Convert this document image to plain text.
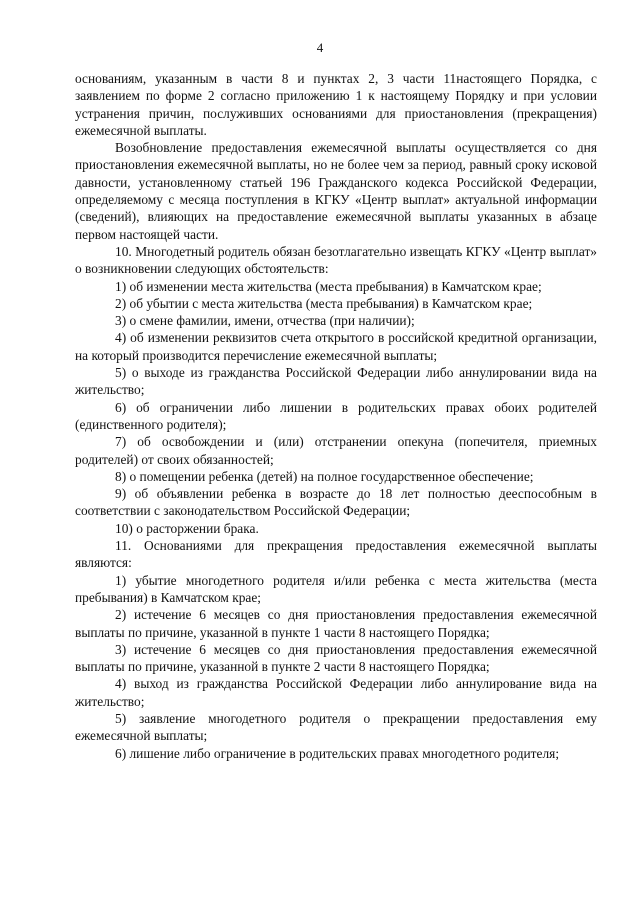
4

основаниям, указанным в части 8 и пунктах 2, 3 части 11настоящего Порядка, с заявлением по форме 2 согласно приложению 1 к настоящему Порядку и при условии устранения причин, послуживших основаниями для приостановления (прекращения) ежемесячной выплаты.

Возобновление предоставления ежемесячной выплаты осуществляется со дня приостановления ежемесячной выплаты, но не более чем за период, равный сроку исковой давности, установленному статьей 196 Гражданского кодекса Российской Федерации, определяемому с месяца поступления в КГКУ «Центр выплат» актуальной информации (сведений), влияющих на предоставление ежемесячной выплаты указанных в абзаце первом настоящей части.

10. Многодетный родитель обязан безотлагательно извещать КГКУ «Центр выплат» о возникновении следующих обстоятельств:

1) об изменении места жительства (места пребывания) в Камчатском крае;

2) об убытии с места жительства (места пребывания) в Камчатском крае;

3) о смене фамилии, имени, отчества (при наличии);

4) об изменении реквизитов счета открытого в российской кредитной организации, на который производится перечисление ежемесячной выплаты;

5) о выходе из гражданства Российской Федерации либо аннулировании вида на жительство;

6) об ограничении либо лишении в родительских правах обоих родителей (единственного родителя);

7) об освобождении и (или) отстранении опекуна (попечителя, приемных родителей) от своих обязанностей;

8) о помещении ребенка (детей) на полное государственное обеспечение;

9) об объявлении ребенка в возрасте до 18 лет полностью дееспособным в соответствии с законодательством Российской Федерации;

10) о расторжении брака.

11. Основаниями для прекращения предоставления ежемесячной выплаты являются:

1) убытие многодетного родителя и/или ребенка с места жительства (места пребывания) в Камчатском крае;

2) истечение 6 месяцев со дня приостановления предоставления ежемесячной выплаты по причине, указанной в пункте 1 части 8 настоящего Порядка;

3) истечение 6 месяцев со дня приостановления предоставления ежемесячной выплаты по причине, указанной в пункте 2 части 8 настоящего Порядка;

4) выход из гражданства Российской Федерации либо аннулирование вида на жительство;

5) заявление многодетного родителя о прекращении предоставления ему ежемесячной выплаты;

6) лишение либо ограничение в родительских правах многодетного родителя;
